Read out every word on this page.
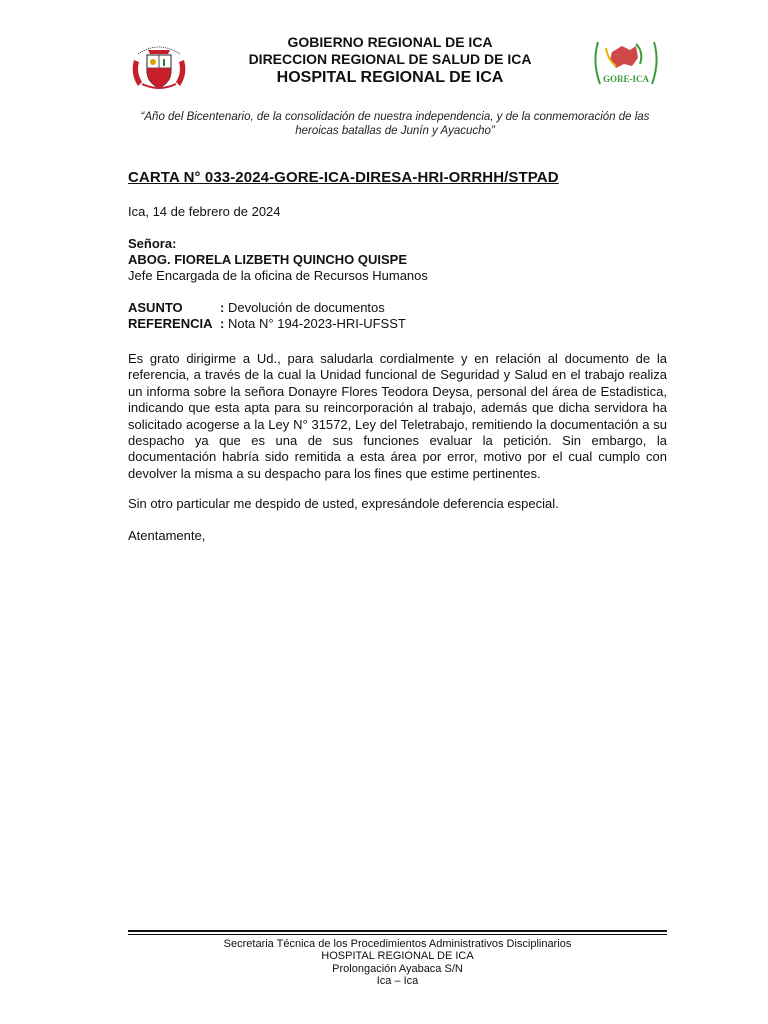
GORE-ICA
GOBIERNO REGIONAL DE ICA
DIRECCION REGIONAL DE SALUD DE ICA
HOSPITAL REGIONAL DE ICA
“Año del Bicentenario, de la consolidación de nuestra independencia, y de la conmemoración de las heroicas batallas de Junín y Ayacucho”
CARTA N° 033-2024-GORE-ICA-DIRESA-HRI-ORRHH/STPAD
Ica, 14 de febrero de 2024
Señora:
ABOG. FIORELA LIZBETH QUINCHO QUISPE
Jefe Encargada de la oficina de Recursos Humanos
ASUNTO	: Devolución de documentos
REFERENCIA	: Nota N° 194-2023-HRI-UFSST
Es grato dirigirme a Ud., para saludarla cordialmente y en relación al documento de la referencia, a través de la cual la Unidad funcional de Seguridad y Salud en el trabajo realiza un informa sobre la señora Donayre Flores Teodora Deysa, personal del área de Estadistica, indicando que esta apta para su reincorporación al trabajo, además que dicha servidora ha solicitado acogerse a la Ley N° 31572, Ley del Teletrabajo, remitiendo la documentación a su despacho ya que es una de sus funciones evaluar la petición. Sin embargo, la documentación habría sido remitida a esta área por error, motivo por el cual cumplo con devolver la misma a su despacho para los fines que estime pertinentes.
Sin otro particular me despido de usted, expresándole deferencia especial.
Atentamente,
Secretaria Técnica de los Procedimientos Administrativos Disciplinarios
HOSPITAL REGIONAL DE ICA
Prolongación Ayabaca S/N
Ica – Ica
